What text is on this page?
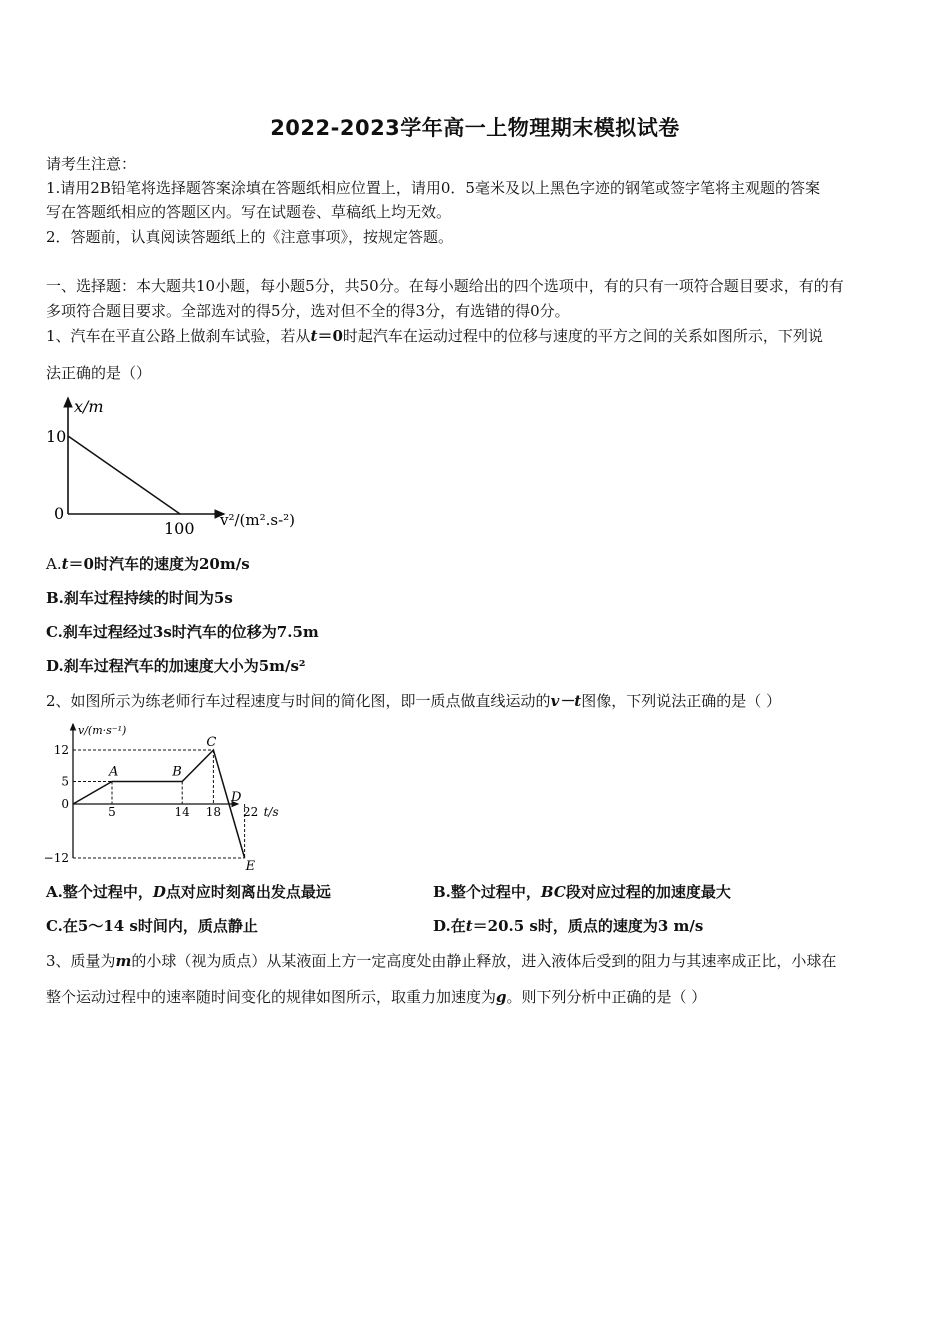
2022-2023学年高一上物理期末模拟试卷
请考生注意：
1.请用2B铅笔将选择题答案涂填在答题纸相应位置上，请用0．5毫米及以上黑色字迹的钢笔或签字笔将主观题的答案
写在答题纸相应的答题区内。写在试题卷、草稿纸上均无效。
2．答题前，认真阅读答题纸上的《注意事项》，按规定答题。
一、选择题：本大题共10小题，每小题5分，共50分。在每小题给出的四个选项中，有的只有一项符合题目要求，有的有
多项符合题目要求。全部选对的得5分，选对但不全的得3分，有选错的得0分。
1、汽车在平直公路上做刹车试验，若从t＝0时起汽车在运动过程中的位移与速度的平方之间的关系如图所示，下列说
法正确的是（）
x/m
10
0
100 v²/(m².s-²)
A.t＝0时汽车的速度为20m/s
B.刹车过程持续的时间为5s
C.刹车过程经过3s时汽车的位移为7.5m
D.刹车过程汽车的加速度大小为5m/s²
2、如图所示为练老师行车过程速度与时间的简化图，即一质点做直线运动的v－t图像，下列说法正确的是（ ）
12
5
0
−12
5	14 18 22
v/(m·s⁻¹)
t/s
A	B
C
D
E
A.整个过程中，D点对应时刻离出发点最远	B.整个过程中，BC段对应过程的加速度最大
C.在5～14 s时间内，质点静止	D.在t＝20.5 s时，质点的速度为3 m/s
3、质量为m的小球（视为质点）从某液面上方一定高度处由静止释放，进入液体后受到的阻力与其速率成正比，小球在
整个运动过程中的速率随时间变化的规律如图所示，取重力加速度为g。则下列分析中正确的是（ ）
